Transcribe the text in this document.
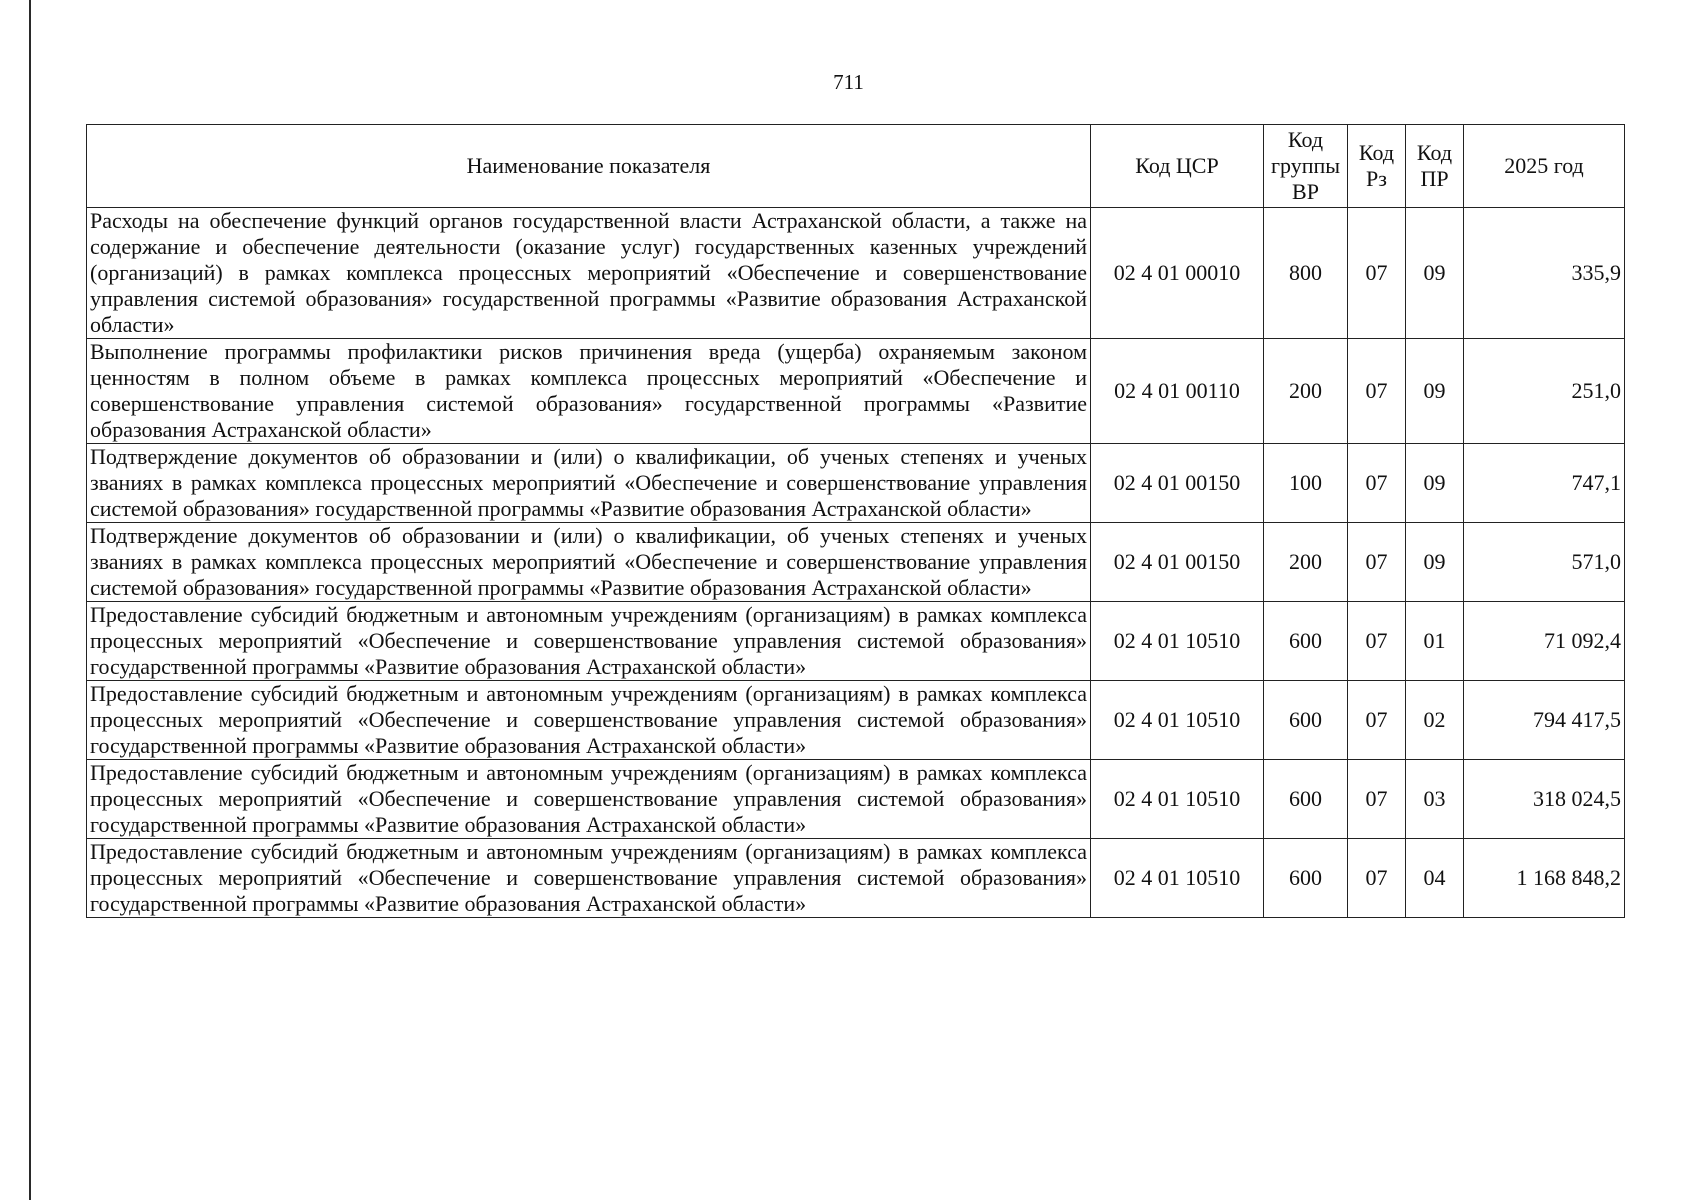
711
Наименование показателя	Код ЦСР	Код группы ВР	Код Рз	Код ПР	2025 год
Расходы на обеспечение функций органов государственной власти Астраханской области, а также на содержание и обеспечение деятельности (оказание услуг) государственных казенных учреждений (организаций) в рамках комплекса процессных мероприятий «Обеспечение и совершенствование управления системой образования» государственной программы «Развитие образования Астраханской области»	02 4 01 00010	800	07	09	335,9
Выполнение программы профилактики рисков причинения вреда (ущерба) охраняемым законом ценностям в полном объеме в рамках комплекса процессных мероприятий «Обеспечение и совершенствование управления системой образования» государственной программы «Развитие образования Астраханской области»	02 4 01 00110	200	07	09	251,0
Подтверждение документов об образовании и (или) о квалификации, об ученых степенях и ученых званиях в рамках комплекса процессных мероприятий «Обеспечение и совершенствование управления системой образования» государственной программы «Развитие образования Астраханской области»	02 4 01 00150	100	07	09	747,1
Подтверждение документов об образовании и (или) о квалификации, об ученых степенях и ученых званиях в рамках комплекса процессных мероприятий «Обеспечение и совершенствование управления системой образования» государственной программы «Развитие образования Астраханской области»	02 4 01 00150	200	07	09	571,0
Предоставление субсидий бюджетным и автономным учреждениям (организациям) в рамках комплекса процессных мероприятий «Обеспечение и совершенствование управления системой образования» государственной программы «Развитие образования Астраханской области»	02 4 01 10510	600	07	01	71 092,4
Предоставление субсидий бюджетным и автономным учреждениям (организациям) в рамках комплекса процессных мероприятий «Обеспечение и совершенствование управления системой образования» государственной программы «Развитие образования Астраханской области»	02 4 01 10510	600	07	02	794 417,5
Предоставление субсидий бюджетным и автономным учреждениям (организациям) в рамках комплекса процессных мероприятий «Обеспечение и совершенствование управления системой образования» государственной программы «Развитие образования Астраханской области»	02 4 01 10510	600	07	03	318 024,5
Предоставление субсидий бюджетным и автономным учреждениям (организациям) в рамках комплекса процессных мероприятий «Обеспечение и совершенствование управления системой образования» государственной программы «Развитие образования Астраханской области»	02 4 01 10510	600	07	04	1 168 848,2
